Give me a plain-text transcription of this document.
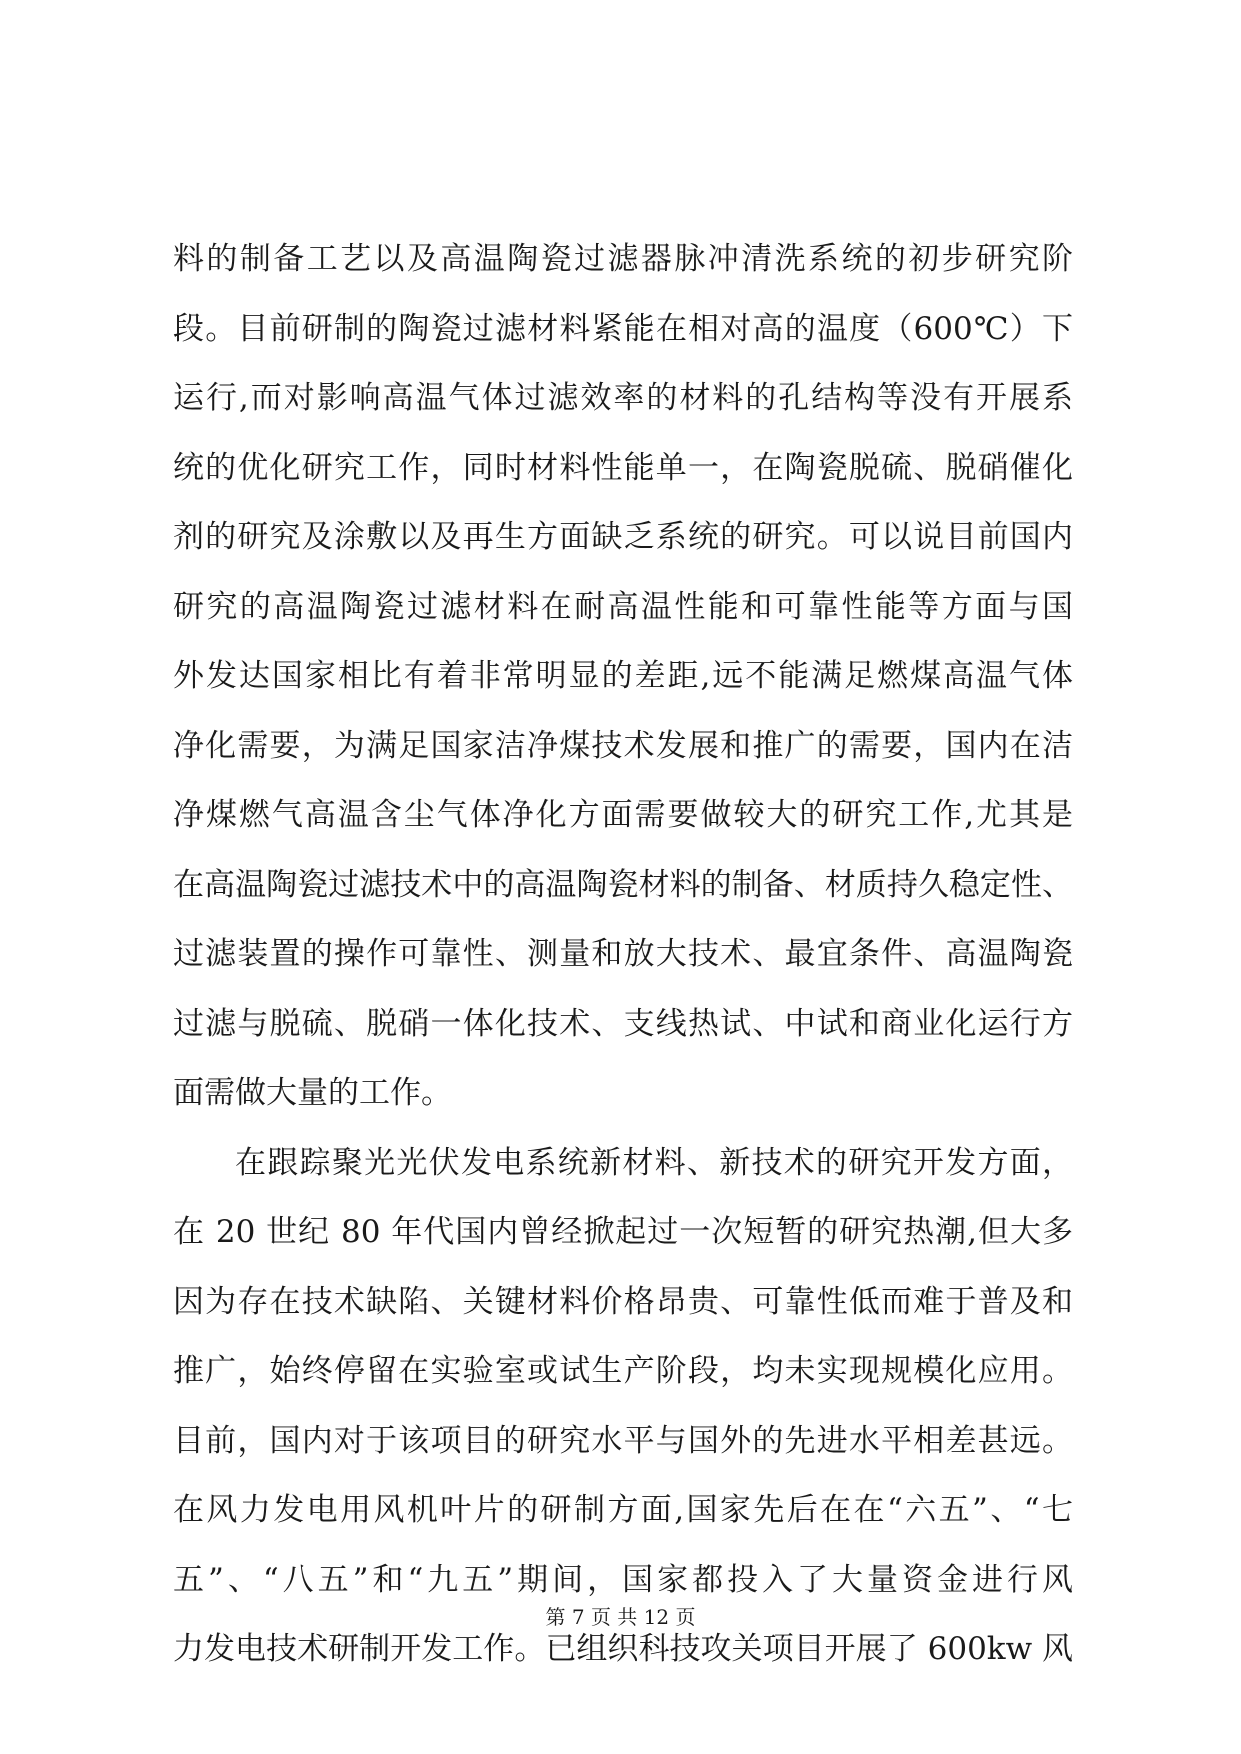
料的制备工艺以及高温陶瓷过滤器脉冲清洗系统的初步研究阶
段。目前研制的陶瓷过滤材料紧能在相对高的温度（600℃）下
运行,而对影响高温气体过滤效率的材料的孔结构等没有开展系
统的优化研究工作，同时材料性能单一，在陶瓷脱硫、脱硝催化
剂的研究及涂敷以及再生方面缺乏系统的研究。可以说目前国内
研究的高温陶瓷过滤材料在耐高温性能和可靠性能等方面与国
外发达国家相比有着非常明显的差距,远不能满足燃煤高温气体
净化需要，为满足国家洁净煤技术发展和推广的需要，国内在洁
净煤燃气高温含尘气体净化方面需要做较大的研究工作,尤其是
在高温陶瓷过滤技术中的高温陶瓷材料的制备、材质持久稳定性、
过滤装置的操作可靠性、测量和放大技术、最宜条件、高温陶瓷
过滤与脱硫、脱硝一体化技术、支线热试、中试和商业化运行方
面需做大量的工作。
在跟踪聚光光伏发电系统新材料、新技术的研究开发方面，
在 20 世纪 80 年代国内曾经掀起过一次短暂的研究热潮,但大多
因为存在技术缺陷、关键材料价格昂贵、可靠性低而难于普及和
推广，始终停留在实验室或试生产阶段，均未实现规模化应用。
目前，国内对于该项目的研究水平与国外的先进水平相差甚远。
在风力发电用风机叶片的研制方面,国家先后在在“六五”、“七
五”、“八五”和“九五”期间，国家都投入了大量资金进行风
力发电技术研制开发工作。已组织科技攻关项目开展了 600kw 风
第 7 页 共 12 页
